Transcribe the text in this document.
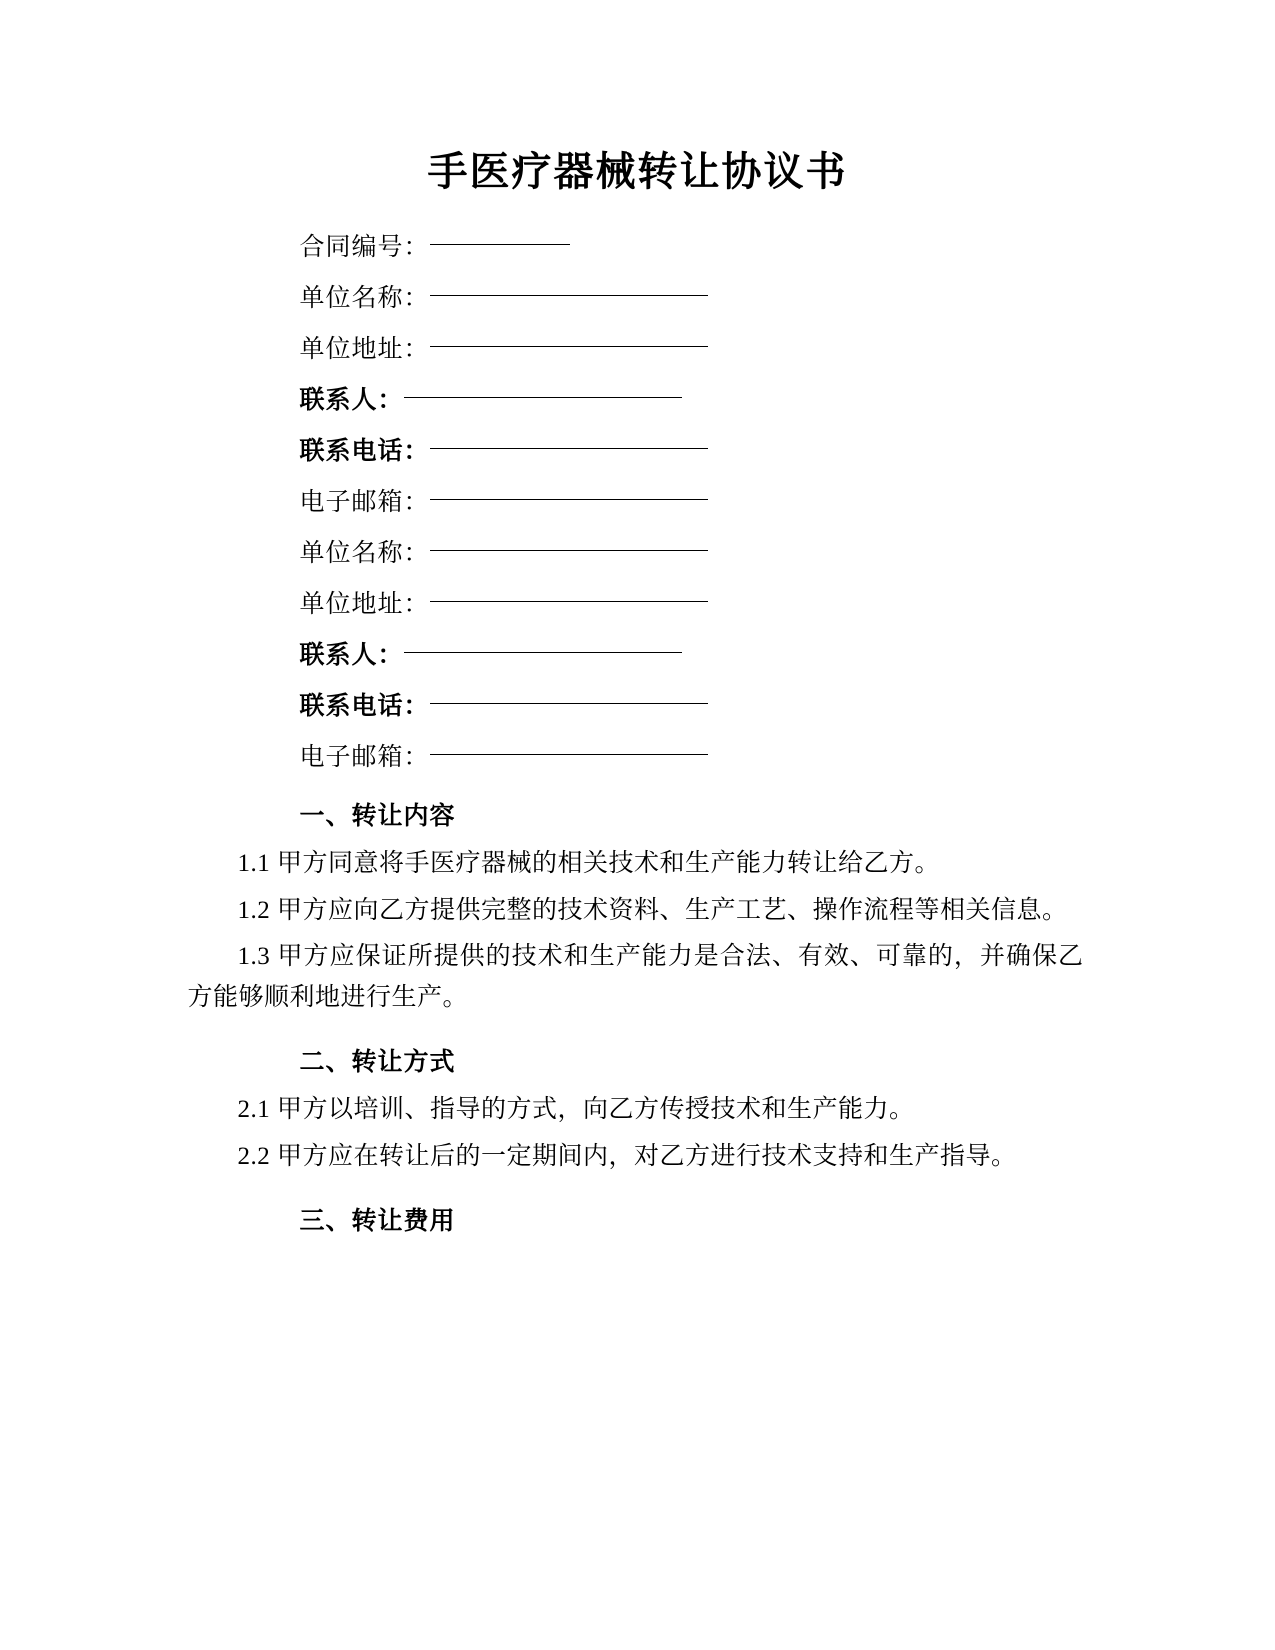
手医疗器械转让协议书
合同编号：
单位名称：
单位地址：
联系人：
联系电话：
电子邮箱：
单位名称：
单位地址：
联系人：
联系电话：
电子邮箱：
一、转让内容

1.1 甲方同意将手医疗器械的相关技术和生产能力转让给乙方。

1.2 甲方应向乙方提供完整的技术资料、生产工艺、操作流程等相关信息。

1.3 甲方应保证所提供的技术和生产能力是合法、有效、可靠的，并确保乙方能够顺利地进行生产。

二、转让方式

2.1 甲方以培训、指导的方式，向乙方传授技术和生产能力。

2.2 甲方应在转让后的一定期间内，对乙方进行技术支持和生产指导。

三、转让费用
